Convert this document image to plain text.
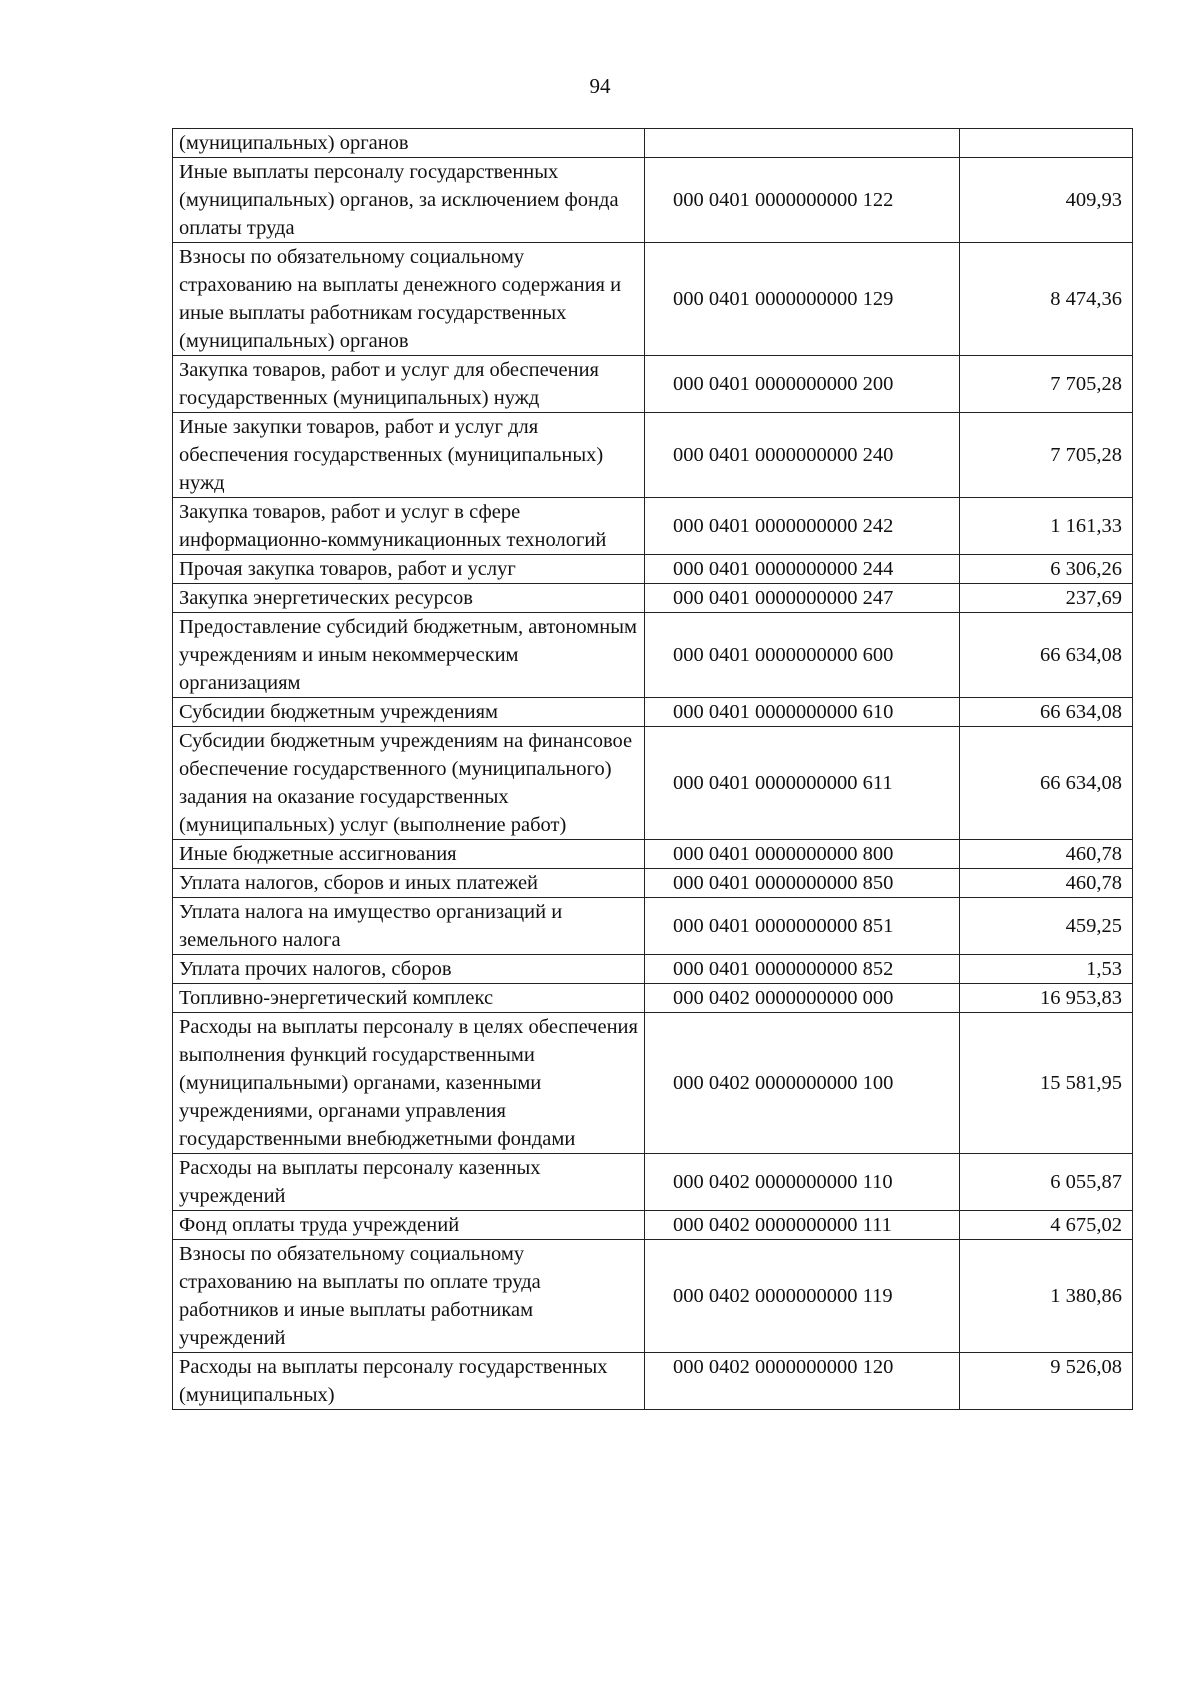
94
(муниципальных) органов		
Иные выплаты персоналу государственных (муниципальных) органов, за исключением фонда оплаты труда	000 0401 0000000000 122	409,93
Взносы по обязательному социальному страхованию на выплаты денежного содержания и иные выплаты работникам государственных (муниципальных) органов	000 0401 0000000000 129	8 474,36
Закупка товаров, работ и услуг для обеспечения государственных (муниципальных) нужд	000 0401 0000000000 200	7 705,28
Иные закупки товаров, работ и услуг для обеспечения государственных (муниципальных) нужд	000 0401 0000000000 240	7 705,28
Закупка товаров, работ и услуг в сфере информационно-коммуникационных технологий	000 0401 0000000000 242	1 161,33
Прочая закупка товаров, работ и услуг	000 0401 0000000000 244	6 306,26
Закупка энергетических ресурсов	000 0401 0000000000 247	237,69
Предоставление субсидий бюджетным, автономным учреждениям и иным некоммерческим организациям	000 0401 0000000000 600	66 634,08
Субсидии бюджетным учреждениям	000 0401 0000000000 610	66 634,08
Субсидии бюджетным учреждениям на финансовое обеспечение государственного (муниципального) задания на оказание государственных (муниципальных) услуг (выполнение работ)	000 0401 0000000000 611	66 634,08
Иные бюджетные ассигнования	000 0401 0000000000 800	460,78
Уплата налогов, сборов и иных платежей	000 0401 0000000000 850	460,78
Уплата налога на имущество организаций и земельного налога	000 0401 0000000000 851	459,25
Уплата прочих налогов, сборов	000 0401 0000000000 852	1,53
Топливно-энергетический комплекс	000 0402 0000000000 000	16 953,83
Расходы на выплаты персоналу в целях обеспечения выполнения функций государственными (муниципальными) органами, казенными учреждениями, органами управления государственными внебюджетными фондами	000 0402 0000000000 100	15 581,95
Расходы на выплаты персоналу казенных учреждений	000 0402 0000000000 110	6 055,87
Фонд оплаты труда учреждений	000 0402 0000000000 111	4 675,02
Взносы по обязательному социальному страхованию на выплаты по оплате труда работников и иные выплаты работникам учреждений	000 0402 0000000000 119	1 380,86
Расходы на выплаты персоналу государственных (муниципальных)	000 0402 0000000000 120	9 526,08
